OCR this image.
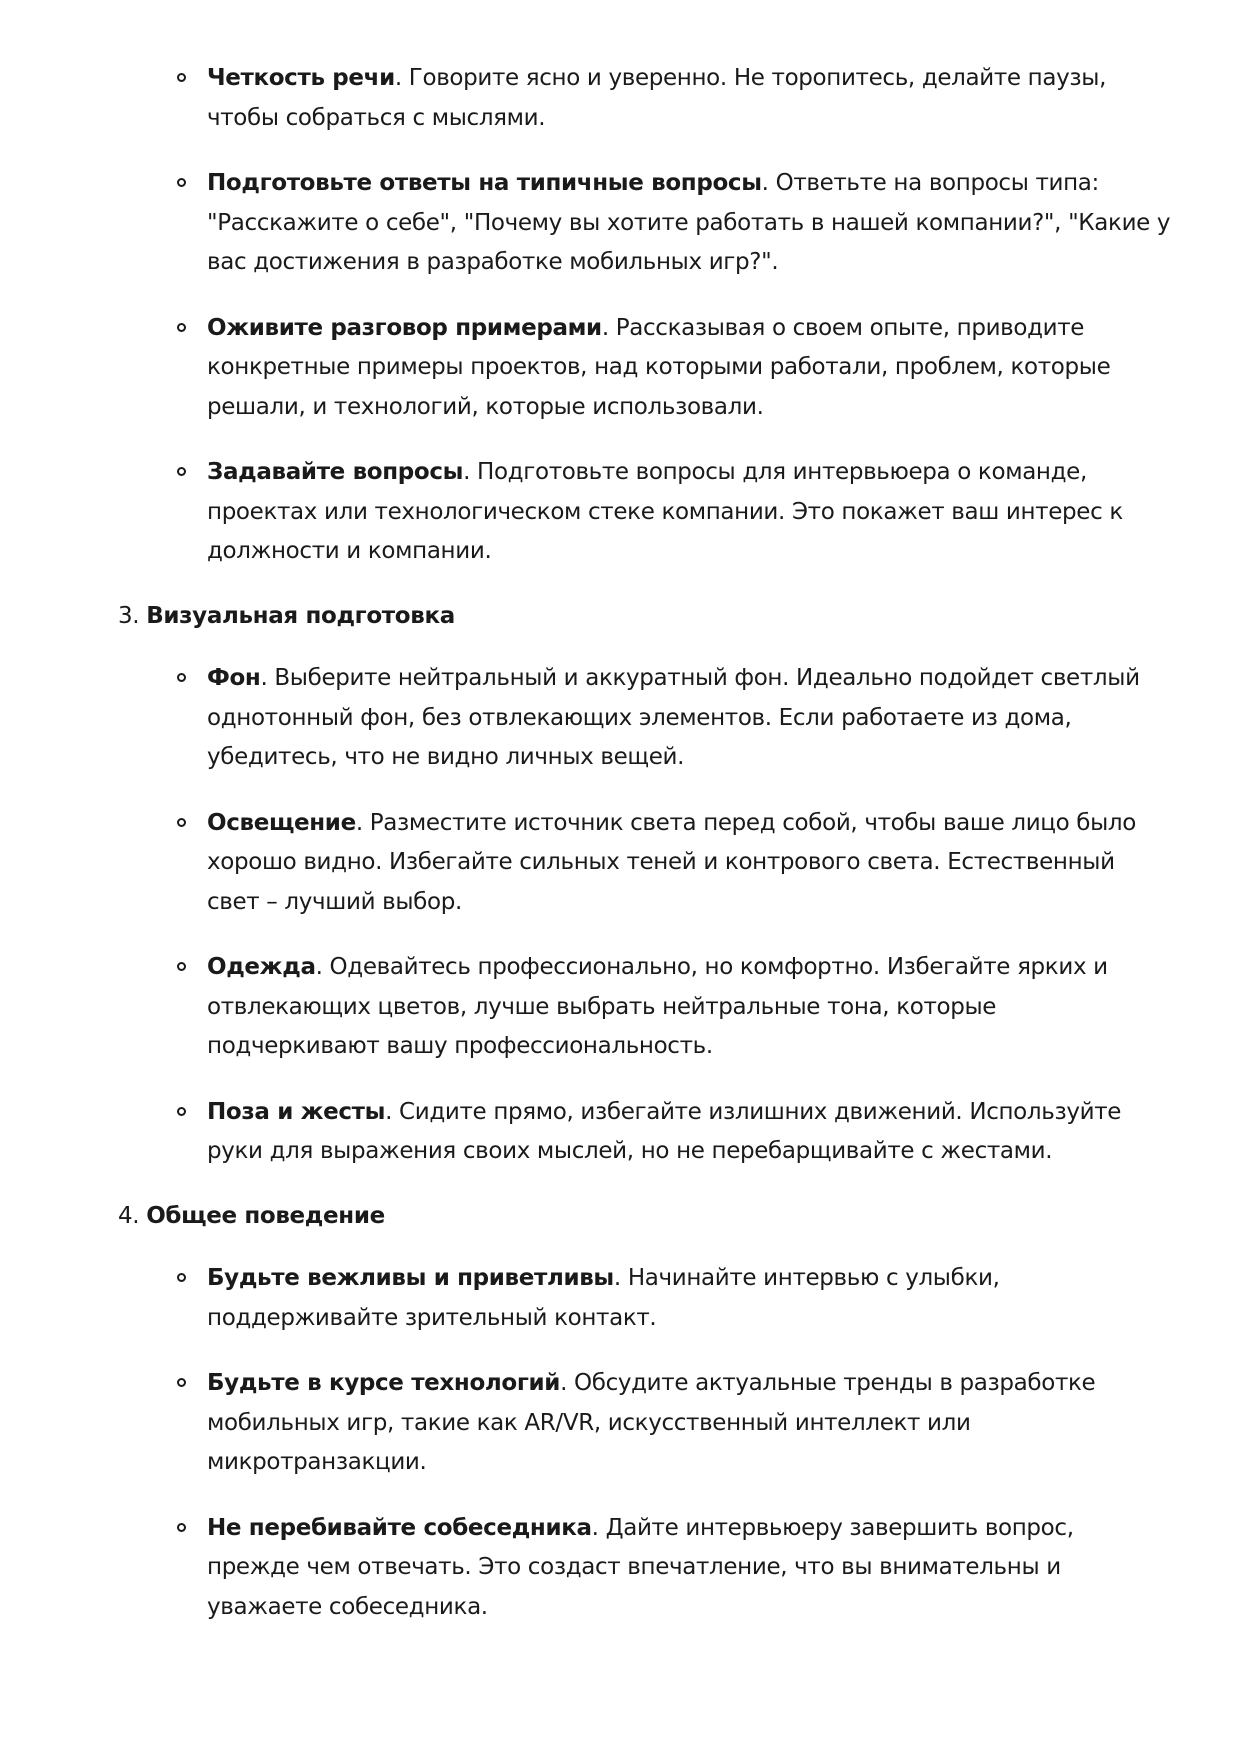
Четкость речи. Говорите ясно и уверенно. Не торопитесь, делайте паузы, чтобы собраться с мыслями.
Подготовьте ответы на типичные вопросы. Ответьте на вопросы типа: "Расскажите о себе", "Почему вы хотите работать в нашей компании?", "Какие у вас достижения в разработке мобильных игр?".
Оживите разговор примерами. Рассказывая о своем опыте, приводите конкретные примеры проектов, над которыми работали, проблем, которые решали, и технологий, которые использовали.
Задавайте вопросы. Подготовьте вопросы для интервьюера о команде, проектах или технологическом стеке компании. Это покажет ваш интерес к должности и компании.

3. Визуальная подготовка

Фон. Выберите нейтральный и аккуратный фон. Идеально подойдет светлый однотонный фон, без отвлекающих элементов. Если работаете из дома, убедитесь, что не видно личных вещей.
Освещение. Разместите источник света перед собой, чтобы ваше лицо было хорошо видно. Избегайте сильных теней и контрового света. Естественный свет – лучший выбор.
Одежда. Одевайтесь профессионально, но комфортно. Избегайте ярких и отвлекающих цветов, лучше выбрать нейтральные тона, которые подчеркивают вашу профессиональность.
Поза и жесты. Сидите прямо, избегайте излишних движений. Используйте руки для выражения своих мыслей, но не перебарщивайте с жестами.

4. Общее поведение

Будьте вежливы и приветливы. Начинайте интервью с улыбки, поддерживайте зрительный контакт.
Будьте в курсе технологий. Обсудите актуальные тренды в разработке мобильных игр, такие как AR/VR, искусственный интеллект или микротранзакции.
Не перебивайте собеседника. Дайте интервьюеру завершить вопрос, прежде чем отвечать. Это создаст впечатление, что вы внимательны и уважаете собеседника.
